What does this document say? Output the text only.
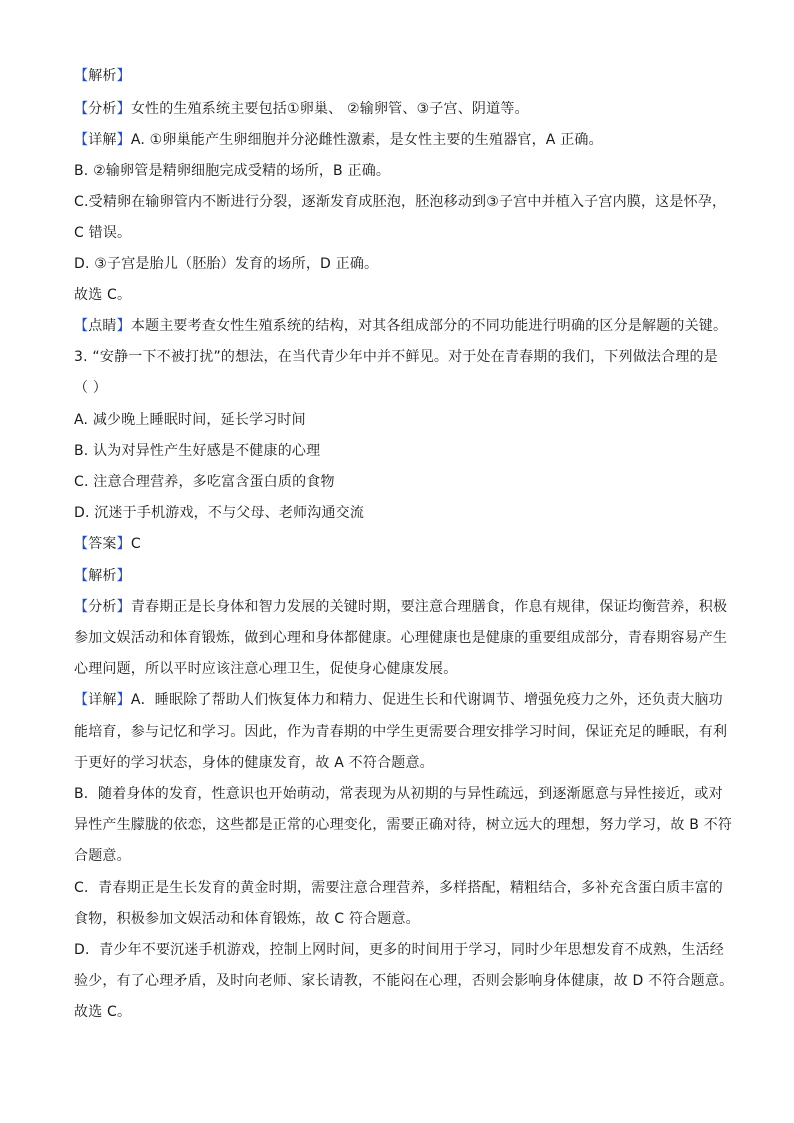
【解析】
【分析】女性的生殖系统主要包括①卵巢、 ②输卵管、③子宫、阴道等。
【详解】A. ①卵巢能产生卵细胞并分泌雌性激素，是女性主要的生殖器官，A 正确。
B. ②输卵管是精卵细胞完成受精的场所，B 正确。
C.受精卵在输卵管内不断进行分裂，逐渐发育成胚泡，胚泡移动到③子宫中并植入子宫内膜，这是怀孕，
C 错误。
D. ③子宫是胎儿（胚胎）发育的场所，D 正确。
故选 C。
【点睛】本题主要考查女性生殖系统的结构，对其各组成部分的不同功能进行明确的区分是解题的关键。
3. “安静一下不被打扰”的想法，在当代青少年中并不鲜见。对于处在青春期的我们，下列做法合理的是
（ ）
A. 减少晚上睡眠时间，延长学习时间
B. 认为对异性产生好感是不健康的心理
C. 注意合理营养，多吃富含蛋白质的食物
D. 沉迷于手机游戏，不与父母、老师沟通交流
【答案】C
【解析】
【分析】青春期正是长身体和智力发展的关键时期，要注意合理膳食，作息有规律，保证均衡营养，积极
参加文娱活动和体育锻炼，做到心理和身体都健康。心理健康也是健康的重要组成部分，青春期容易产生
心理问题，所以平时应该注意心理卫生，促使身心健康发展。
【详解】A．睡眠除了帮助人们恢复体力和精力、促进生长和代谢调节、增强免疫力之外，还负责大脑功
能培育，参与记忆和学习。因此，作为青春期的中学生更需要合理安排学习时间，保证充足的睡眠，有利
于更好的学习状态，身体的健康发育，故 A 不符合题意。
B．随着身体的发育，性意识也开始萌动，常表现为从初期的与异性疏远，到逐渐愿意与异性接近，或对
异性产生朦胧的依恋，这些都是正常的心理变化，需要正确对待，树立远大的理想，努力学习，故 B 不符
合题意。
C．青春期正是生长发育的黄金时期，需要注意合理营养，多样搭配，精粗结合，多补充含蛋白质丰富的
食物，积极参加文娱活动和体育锻炼，故 C 符合题意。
D．青少年不要沉迷手机游戏，控制上网时间，更多的时间用于学习，同时少年思想发育不成熟，生活经
验少，有了心理矛盾，及时向老师、家长请教，不能闷在心理，否则会影响身体健康，故 D 不符合题意。
故选 C。
